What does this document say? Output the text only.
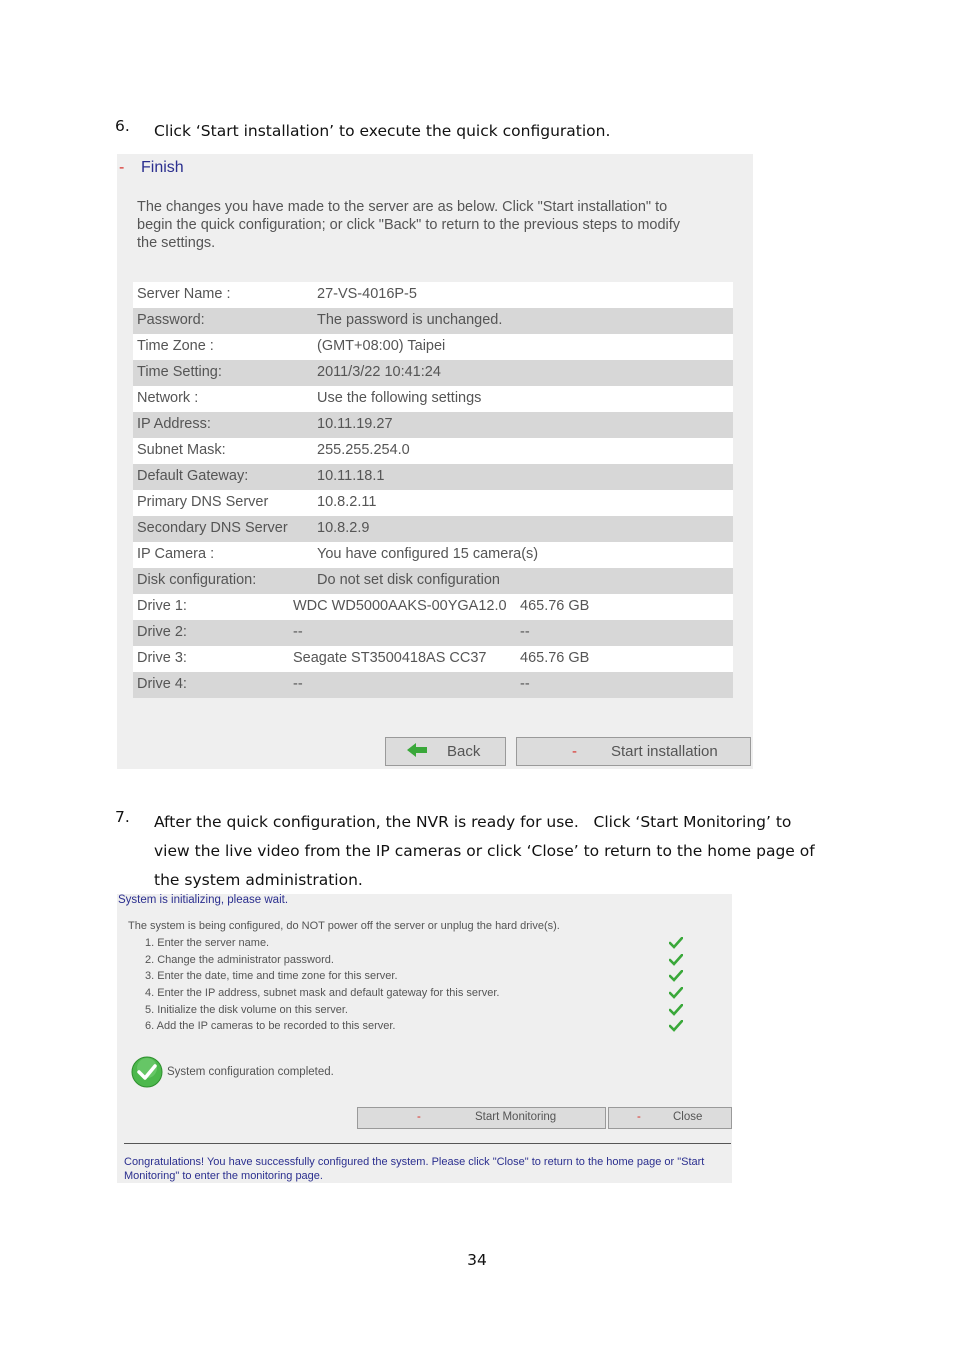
6. Click ‘Start installation’ to execute the quick configuration.
- Finish
The changes you have made to the server are as below. Click "Start installation" to
begin the quick configuration; or click "Back" to return to the previous steps to modify
the settings.
Server Name :	27-VS-4016P-5
Password:	The password is unchanged.
Time Zone :	(GMT+08:00) Taipei
Time Setting:	2011/3/22 10:41:24
Network :	Use the following settings
IP Address:	10.11.19.27
Subnet Mask:	255.255.254.0
Default Gateway:	10.11.18.1
Primary DNS Server	10.8.2.11
Secondary DNS Server 10.8.2.9
IP Camera :	You have configured 15 camera(s)
Disk configuration:	Do not set disk configuration
Drive 1:	WDC WD5000AAKS-00YGA12.0 465.76 GB
Drive 2:	--	--
Drive 3:	Seagate ST3500418AS CC37 465.76 GB
Drive 4:	--	--
Back	- Start installation
7. After the quick configuration, the NVR is ready for use.   Click ‘Start Monitoring’ to
view the live video from the IP cameras or click ‘Close’ to return to the home page of
the system administration.
System is initializing, please wait.
The system is being configured, do NOT power off the server or unplug the hard drive(s).
1. Enter the server name.
2. Change the administrator password.
3. Enter the date, time and time zone for this server.
4. Enter the IP address, subnet mask and default gateway for this server.
5. Initialize the disk volume on this server.
6. Add the IP cameras to be recorded to this server.
System configuration completed.
-	Start Monitoring	-	Close
Congratulations! You have successfully configured the system. Please click "Close" to return to the home page or "Start
Monitoring" to enter the monitoring page.
34
